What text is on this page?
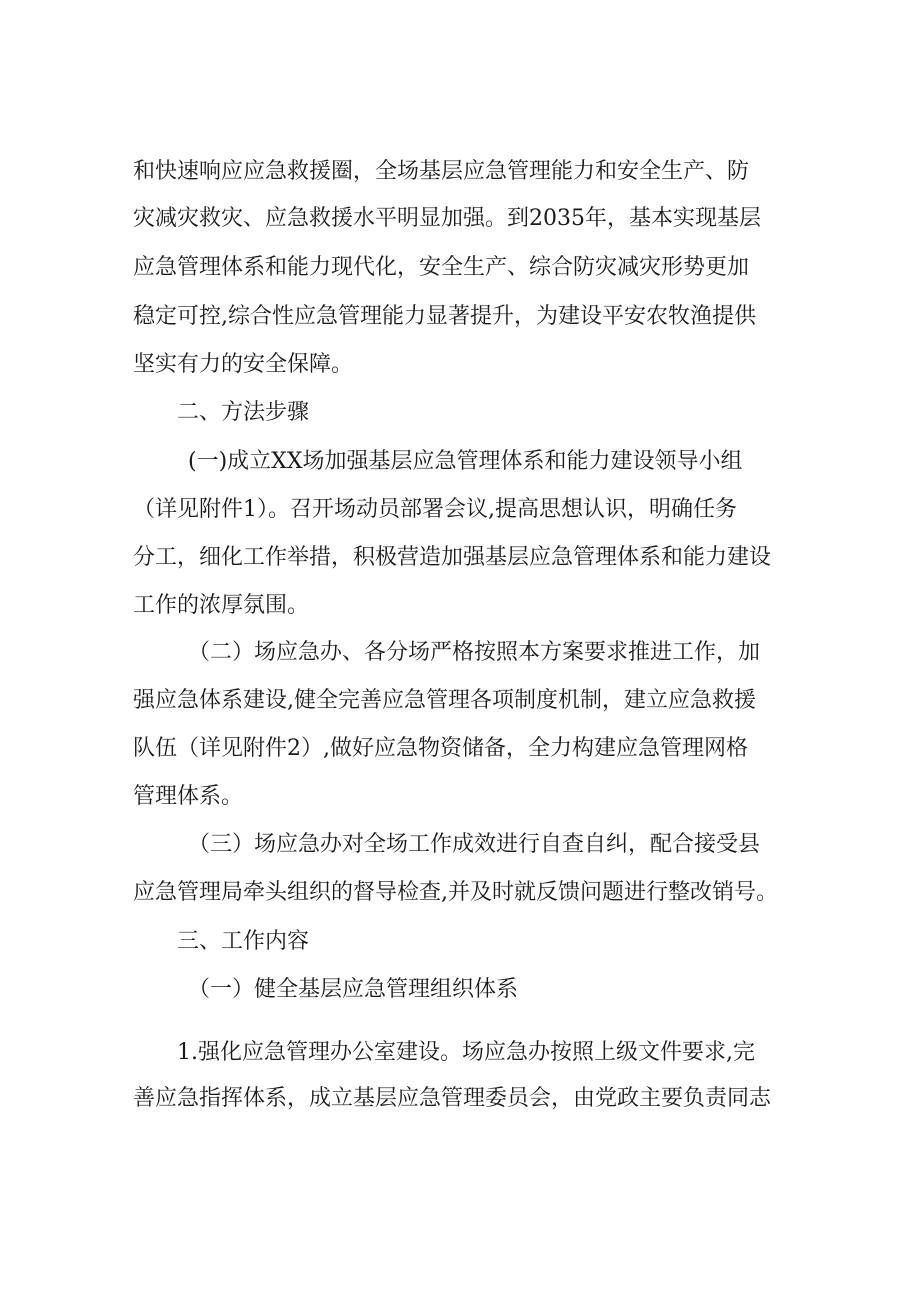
和快速响应应急救援圈，全场基层应急管理能力和安全生产、防
灾减灾救灾、应急救援水平明显加强。到2035年，基本实现基层
应急管理体系和能力现代化，安全生产、综合防灾减灾形势更加
稳定可控,综合性应急管理能力显著提升，为建设平安农牧渔提供
坚实有力的安全保障。
二、方法步骤
(一)成立XX场加强基层应急管理体系和能力建设领导小组
（详见附件1）。召开场动员部署会议,提高思想认识，明确任务
分工，细化工作举措，积极营造加强基层应急管理体系和能力建设
工作的浓厚氛围。
（二）场应急办、各分场严格按照本方案要求推进工作，加
强应急体系建设,健全完善应急管理各项制度机制，建立应急救援
队伍（详见附件2）,做好应急物资储备，全力构建应急管理网格
管理体系。
（三）场应急办对全场工作成效进行自查自纠，配合接受县
应急管理局牵头组织的督导检查,并及时就反馈问题进行整改销号。
三、工作内容
（一）健全基层应急管理组织体系
1.强化应急管理办公室建设。场应急办按照上级文件要求,完
善应急指挥体系，成立基层应急管理委员会，由党政主要负责同志
